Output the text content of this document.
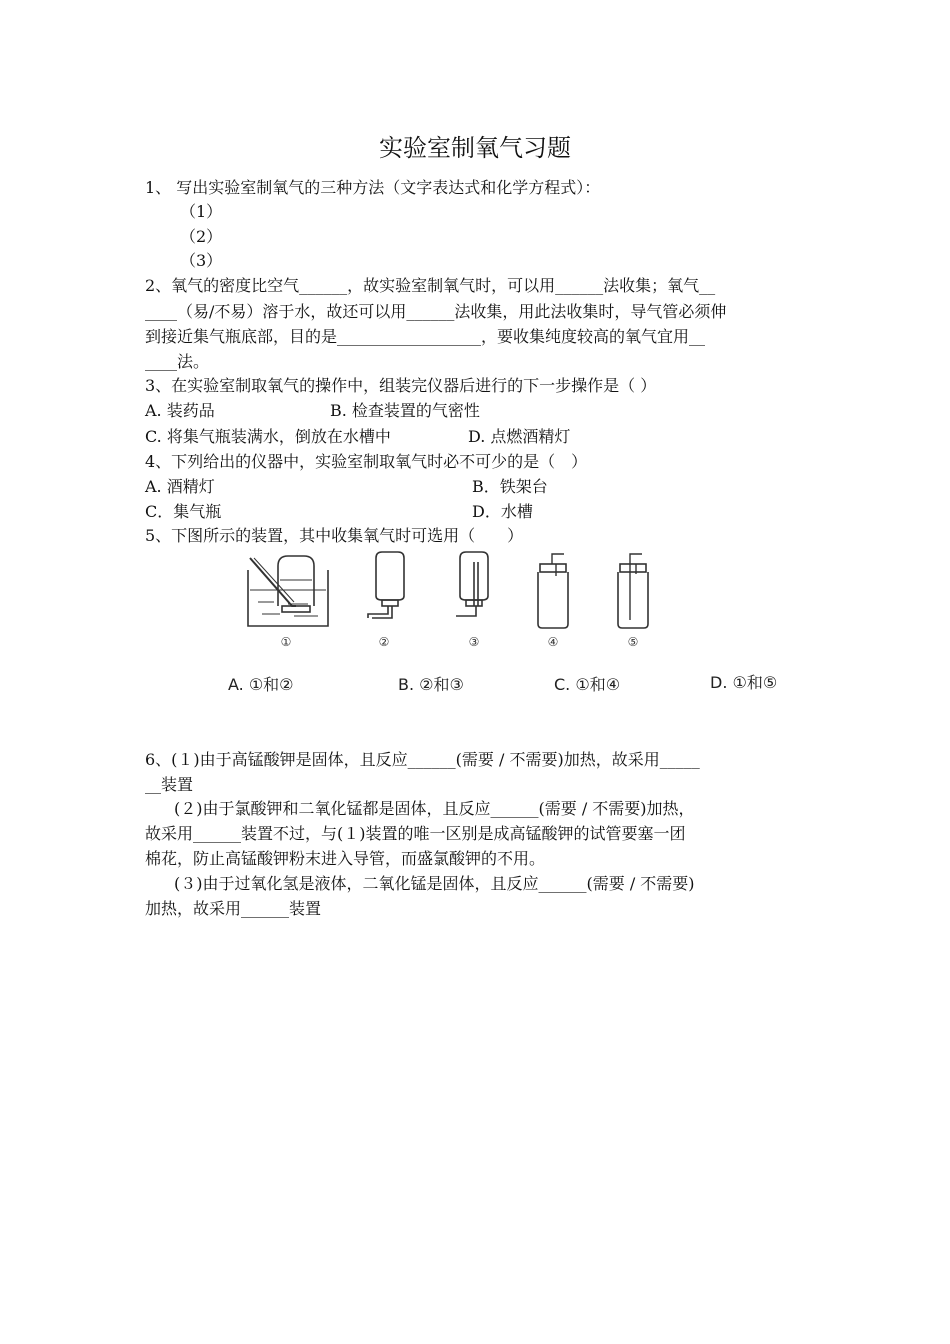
实验室制氧气习题
1、 写出实验室制氧气的三种方法（文字表达式和化学方程式）：
（1）
（2）
（3）
2、氧气的密度比空气______，故实验室制氧气时，可以用______法收集；氧气__
____（易/不易）溶于水，故还可以用______法收集，用此法收集时，导气管必须伸
到接近集气瓶底部，目的是__________________，要收集纯度较高的氧气宜用__
____法。
3、在实验室制取氧气的操作中，组装完仪器后进行的下一步操作是（ ）
A. 装药品	B. 检查装置的气密性
C. 将集气瓶装满水，倒放在水槽中	D. 点燃酒精灯
4、下列给出的仪器中，实验室制取氧气时必不可少的是（　）
A. 酒精灯	B．铁架台
C．集气瓶	D．水槽
5、下图所示的装置，其中收集氧气时可选用（　　）
①	②	③	④	⑤
A. ①和②	B. ②和③	C. ①和④	D. ①和⑤
6、(１)由于高锰酸钾是固体，且反应______(需要 / 不需要)加热，故采用_____
__装置
(２)由于氯酸钾和二氧化锰都是固体，且反应______(需要 / 不需要)加热，
故采用______装置不过，与(１)装置的唯一区别是成高锰酸钾的试管要塞一团
棉花，防止高锰酸钾粉末进入导管，而盛氯酸钾的不用。
(３)由于过氧化氢是液体，二氧化锰是固体，且反应______(需要 / 不需要)
加热，故采用______装置
